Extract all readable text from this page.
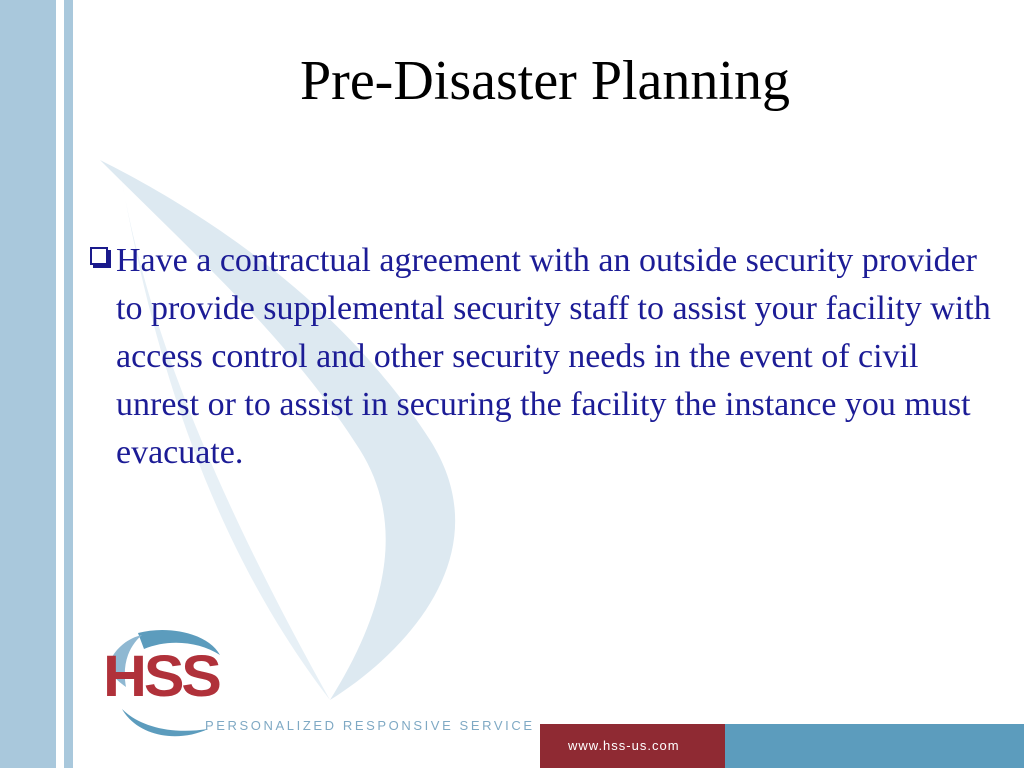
Pre-Disaster Planning
Have a contractual agreement with an outside security provider to provide supplemental security staff to assist your facility with access control and other security needs in the event of civil unrest or to assist in securing the facility the instance you must evacuate.
HSS
PERSONALIZED RESPONSIVE SERVICE
www.hss-us.com
